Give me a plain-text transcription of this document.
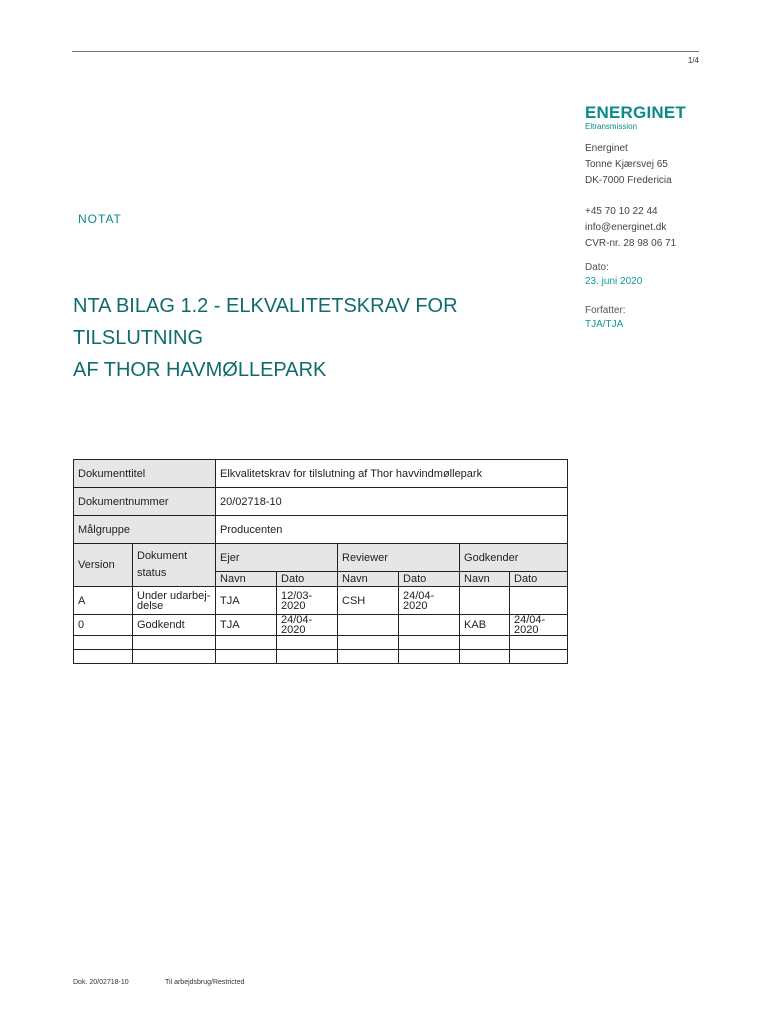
1/4
ENERGINET
Eltransmission
Energinet
Tonne Kjærsvej 65
DK-7000 Fredericia
+45 70 10 22 44
info@energinet.dk
CVR-nr. 28 98 06 71
Dato:
23. juni 2020
Forfatter:
TJA/TJA
NOTAT
NTA BILAG 1.2 - ELKVALITETSKRAV FOR TILSLUTNING
AF THOR HAVMØLLEPARK
Dokumenttitel		Elkvalitetskrav for tilslutning af Thor havvindmøllepark					
Dokumentnummer		20/02718-10					
Målgruppe		Producenten					
Version	Dokument status	Ejer		Reviewer		Godkender	
		Navn	Dato	Navn	Dato	Navn	Dato
A	Under udarbej-delse	TJA	12/03-2020	CSH	24/04-2020		
0	Godkendt	TJA	24/04-2020			KAB	24/04-2020

Dok. 20/02718-10	Til arbejdsbrug/Restricted
